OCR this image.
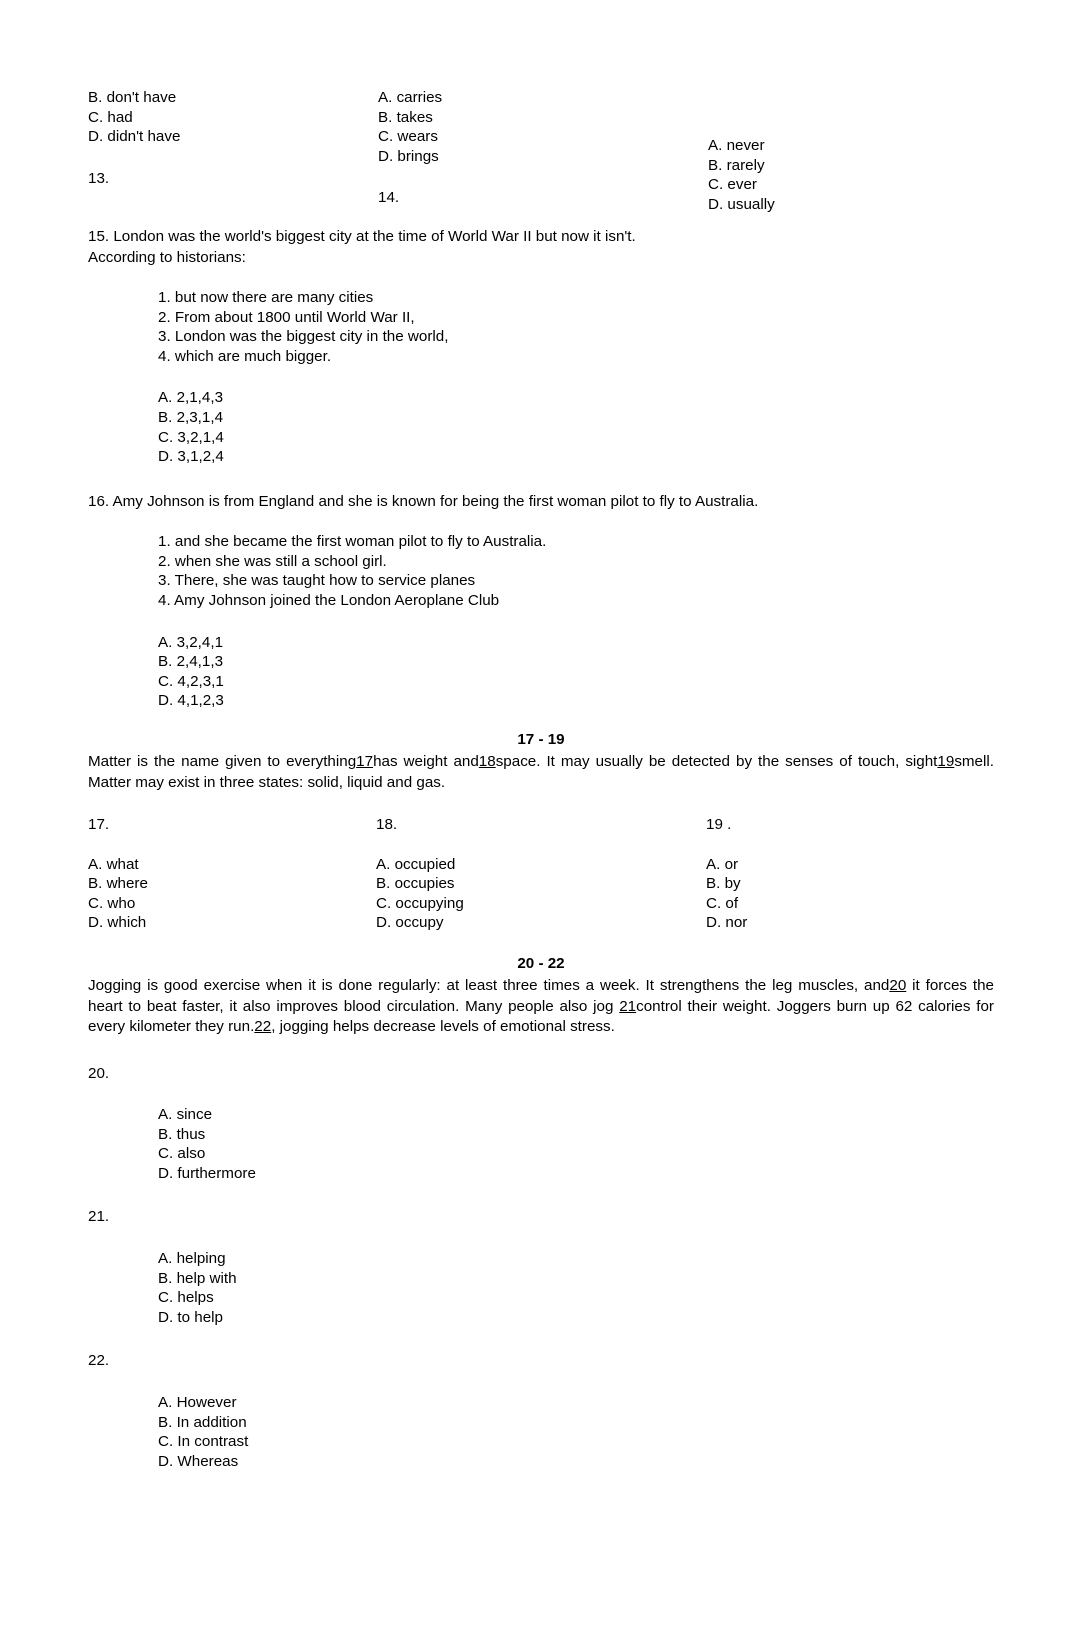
B. don't have
C. had
D. didn't have
13.
A. carries
B. takes
C. wears
D. brings
14.
A. never
B. rarely
C. ever
D. usually
15. London was the world's biggest city at the time of World War II but now it isn't.
According to historians:
1. but now there are many cities
2. From about 1800 until World War II,
3. London was the biggest city in the world,
4. which are much bigger.
A. 2,1,4,3
B. 2,3,1,4
C. 3,2,1,4
D. 3,1,2,4
16. Amy Johnson is from England and she is known for being the first woman pilot to fly to Australia.
1. and she became the first woman pilot to fly to Australia.
2. when she was still a school girl.
3. There, she was taught how to service planes
4. Amy Johnson joined the London Aeroplane Club
A. 3,2,4,1
B. 2,4,1,3
C. 4,2,3,1
D. 4,1,2,3
17 - 19
Matter is the name given to everything17has weight and18space. It may usually be detected by the senses of touch, sight19smell. Matter may exist in three states: solid, liquid and gas.
17.
A. what
B. where
C. who
D. which
18.
A. occupied
B. occupies
C. occupying
D. occupy
19 .
A. or
B. by
C. of
D. nor
20 - 22
Jogging is good exercise when it is done regularly: at least three times a week. It strengthens the leg muscles, and20 it forces the heart to beat faster, it also improves blood circulation. Many people also jog 21control their weight. Joggers burn up 62 calories for every kilometer they run.22, jogging helps decrease levels of emotional stress.
20.
A. since
B. thus
C. also
D. furthermore
21.
A. helping
B. help with
C. helps
D. to help
22.
A. However
B. In addition
C. In contrast
D. Whereas
